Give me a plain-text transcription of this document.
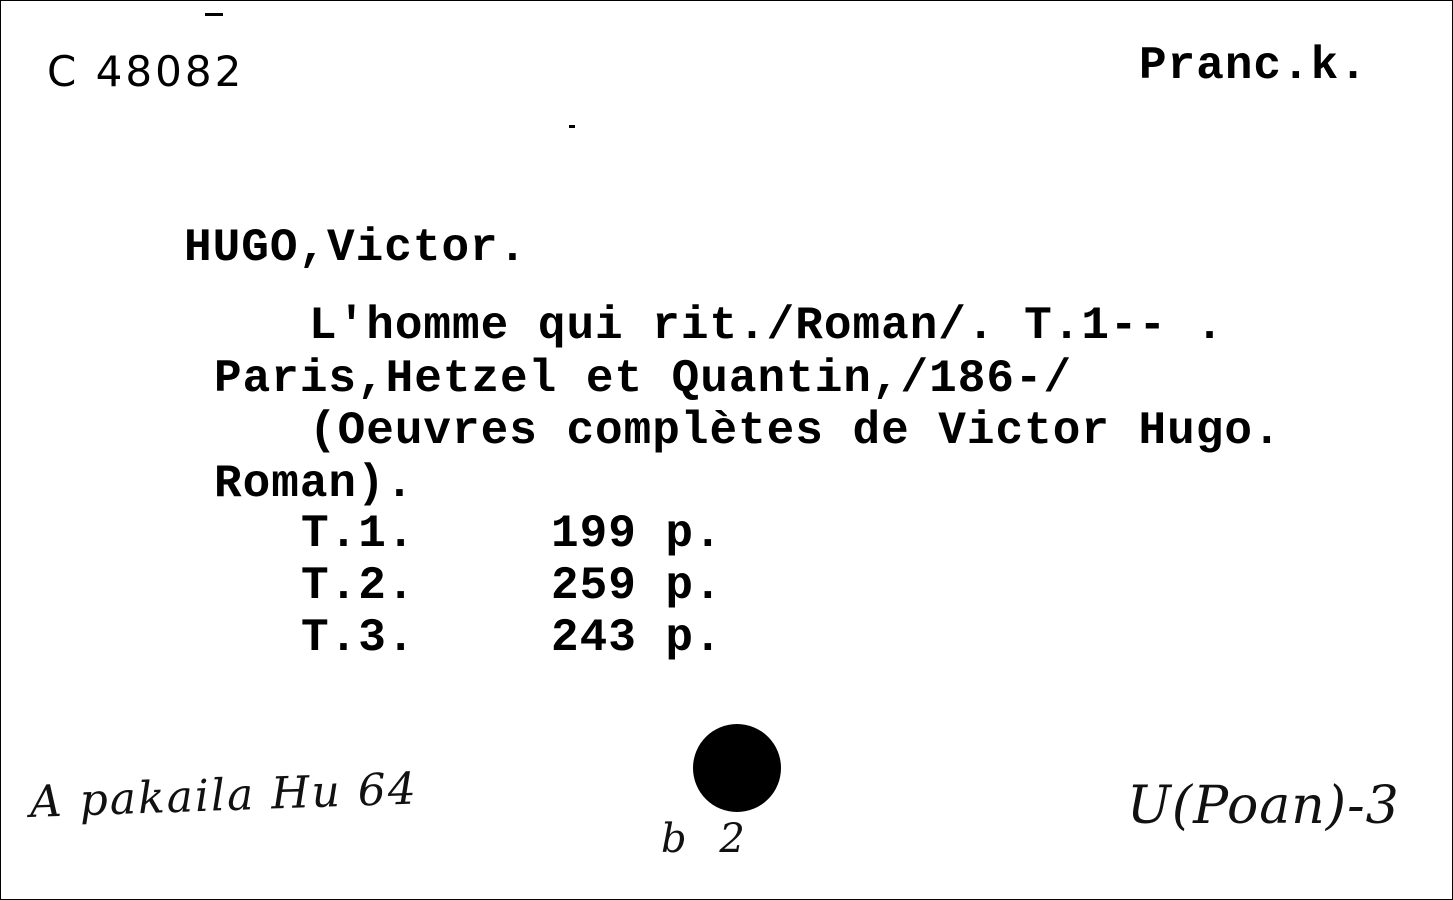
C 48082	Pranc.k.
HUGO,Victor.
L'homme qui rit./Roman/. T.1-- .
Paris,Hetzel et Quantin,/186-/
(Oeuvres complètes de Victor Hugo.
Roman).
T.1.	199 p.
T.2.	259 p.
T.3.	243 p.
A pakaila Hu 64
b 2
U(Poan)-3
